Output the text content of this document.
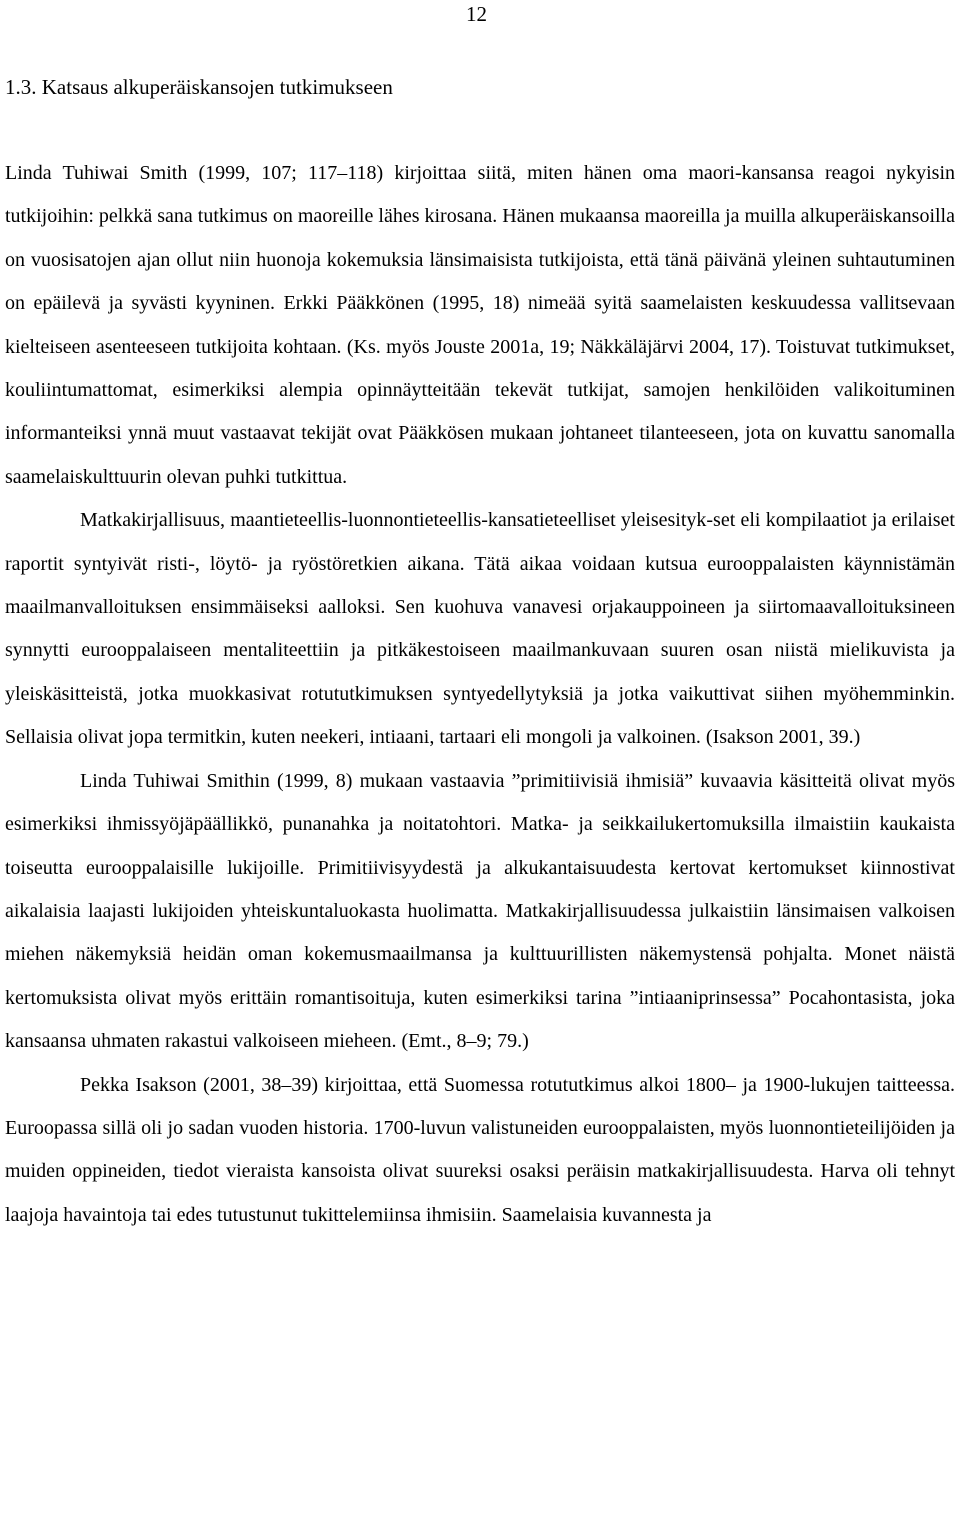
12
1.3. Katsaus alkuperäiskansojen tutkimukseen

Linda Tuhiwai Smith (1999, 107; 117–118) kirjoittaa siitä, miten hänen oma maori-kansansa reagoi nykyisin tutkijoihin: pelkkä sana tutkimus on maoreille lähes kirosana. Hänen mukaansa maoreilla ja muilla alkuperäiskansoilla on vuosisatojen ajan ollut niin huonoja kokemuksia länsimaisista tutkijoista, että tänä päivänä yleinen suhtautuminen on epäilevä ja syvästi kyyninen. Erkki Pääkkönen (1995, 18) nimeää syitä saamelaisten keskuudessa vallitsevaan kielteiseen asenteeseen tutkijoita kohtaan. (Ks. myös Jouste 2001a, 19; Näkkäläjärvi 2004, 17). Toistuvat tutkimukset, kouliintumattomat, esimerkiksi alempia opinnäytteitään tekevät tutkijat, samojen henkilöiden valikoituminen informanteiksi ynnä muut vastaavat tekijät ovat Pääkkösen mukaan johtaneet tilanteeseen, jota on kuvattu sanomalla saamelaiskulttuurin olevan puhki tutkittua.

Matkakirjallisuus, maantieteellis-luonnontieteellis-kansatieteelliset yleisesityk-set eli kompilaatiot ja erilaiset raportit syntyivät risti-, löytö- ja ryöstöretkien aikana. Tätä aikaa voidaan kutsua eurooppalaisten käynnistämän maailmanvalloituksen ensimmäiseksi aalloksi. Sen kuohuva vanavesi orjakauppoineen ja siirtomaavalloituksineen synnytti eurooppalaiseen mentaliteettiin ja pitkäkestoiseen maailmankuvaan suuren osan niistä mielikuvista ja yleiskäsitteistä, jotka muokkasivat rotututkimuksen syntyedellytyksiä ja jotka vaikuttivat siihen myöhemminkin. Sellaisia olivat jopa termitkin, kuten neekeri, intiaani, tartaari eli mongoli ja valkoinen. (Isakson 2001, 39.)

Linda Tuhiwai Smithin (1999, 8) mukaan vastaavia ”primitiivisiä ihmisiä” kuvaavia käsitteitä olivat myös esimerkiksi ihmissyöjäpäällikkö, punanahka ja noitatohtori. Matka- ja seikkailukertomuksilla ilmaistiin kaukaista toiseutta eurooppalaisille lukijoille. Primitiivisyydestä ja alkukantaisuudesta kertovat kertomukset kiinnostivat aikalaisia laajasti lukijoiden yhteiskuntaluokasta huolimatta. Matkakirjallisuudessa julkaistiin länsimaisen valkoisen miehen näkemyksiä heidän oman kokemusmaailmansa ja kulttuurillisten näkemystensä pohjalta. Monet näistä kertomuksista olivat myös erittäin romantisoituja, kuten esimerkiksi tarina ”intiaaniprinsessa” Pocahontasista, joka kansaansa uhmaten rakastui valkoiseen mieheen. (Emt., 8–9; 79.)

Pekka Isakson (2001, 38–39) kirjoittaa, että Suomessa rotututkimus alkoi 1800– ja 1900-lukujen taitteessa. Euroopassa sillä oli jo sadan vuoden historia. 1700-luvun valistuneiden eurooppalaisten, myös luonnontieteilijöiden ja muiden oppineiden, tiedot vieraista kansoista olivat suureksi osaksi peräisin matkakirjallisuudesta. Harva oli tehnyt laajoja havaintoja tai edes tutustunut tukittelemiinsa ihmisiin. Saamelaisia kuvannesta ja
